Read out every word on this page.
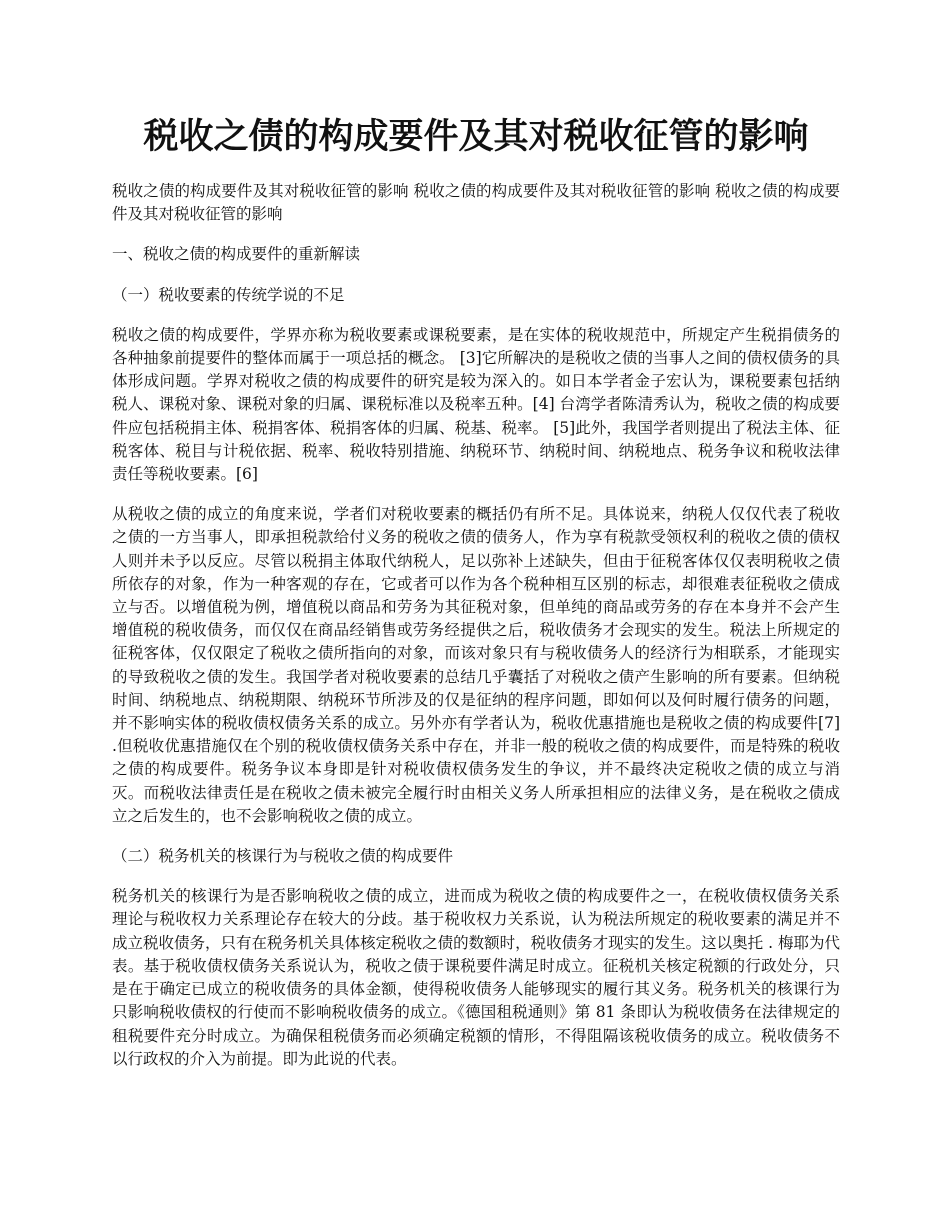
税收之债的构成要件及其对税收征管的影响

税收之债的构成要件及其对税收征管的影响 税收之债的构成要件及其对税收征管的影响 税收之债的构成要件及其对税收征管的影响

一、税收之债的构成要件的重新解读

（一）税收要素的传统学说的不足

税收之债的构成要件，学界亦称为税收要素或课税要素，是在实体的税收规范中，所规定产生税捐债务的各种抽象前提要件的整体而属于一项总括的概念。 [3]它所解决的是税收之债的当事人之间的债权债务的具体形成问题。学界对税收之债的构成要件的研究是较为深入的。如日本学者金子宏认为，课税要素包括纳税人、课税对象、课税对象的归属、课税标准以及税率五种。[4] 台湾学者陈清秀认为，税收之债的构成要件应包括税捐主体、税捐客体、税捐客体的归属、税基、税率。 [5]此外，我国学者则提出了税法主体、征税客体、税目与计税依据、税率、税收特别措施、纳税环节、纳税时间、纳税地点、税务争议和税收法律责任等税收要素。[6]

从税收之债的成立的角度来说，学者们对税收要素的概括仍有所不足。具体说来，纳税人仅仅代表了税收之债的一方当事人，即承担税款给付义务的税收之债的债务人，作为享有税款受领权利的税收之债的债权人则并未予以反应。尽管以税捐主体取代纳税人，足以弥补上述缺失，但由于征税客体仅仅表明税收之债所依存的对象，作为一种客观的存在，它或者可以作为各个税种相互区别的标志，却很难表征税收之债成立与否。以增值税为例，增值税以商品和劳务为其征税对象，但单纯的商品或劳务的存在本身并不会产生增值税的税收债务，而仅仅在商品经销售或劳务经提供之后，税收债务才会现实的发生。税法上所规定的征税客体，仅仅限定了税收之债所指向的对象，而该对象只有与税收债务人的经济行为相联系，才能现实的导致税收之债的发生。我国学者对税收要素的总结几乎囊括了对税收之债产生影响的所有要素。但纳税时间、纳税地点、纳税期限、纳税环节所涉及的仅是征纳的程序问题，即如何以及何时履行债务的问题，并不影响实体的税收债权债务关系的成立。另外亦有学者认为，税收优惠措施也是税收之债的构成要件[7] .但税收优惠措施仅在个别的税收债权债务关系中存在，并非一般的税收之债的构成要件，而是特殊的税收之债的构成要件。税务争议本身即是针对税收债权债务发生的争议，并不最终决定税收之债的成立与消灭。而税收法律责任是在税收之债未被完全履行时由相关义务人所承担相应的法律义务，是在税收之债成立之后发生的，也不会影响税收之债的成立。

（二）税务机关的核课行为与税收之债的构成要件

税务机关的核课行为是否影响税收之债的成立，进而成为税收之债的构成要件之一，在税收债权债务关系理论与税收权力关系理论存在较大的分歧。基于税收权力关系说，认为税法所规定的税收要素的满足并不成立税收债务，只有在税务机关具体核定税收之债的数额时，税收债务才现实的发生。这以奥托 . 梅耶为代表。基于税收债权债务关系说认为，税收之债于课税要件满足时成立。征税机关核定税额的行政处分，只是在于确定已成立的税收债务的具体金额，使得税收债务人能够现实的履行其义务。税务机关的核课行为只影响税收债权的行使而不影响税收债务的成立。《德国租税通则》第 81 条即认为税收债务在法律规定的租税要件充分时成立。为确保租税债务而必须确定税额的情形，不得阻隔该税收债务的成立。税收债务不以行政权的介入为前提。即为此说的代表。
